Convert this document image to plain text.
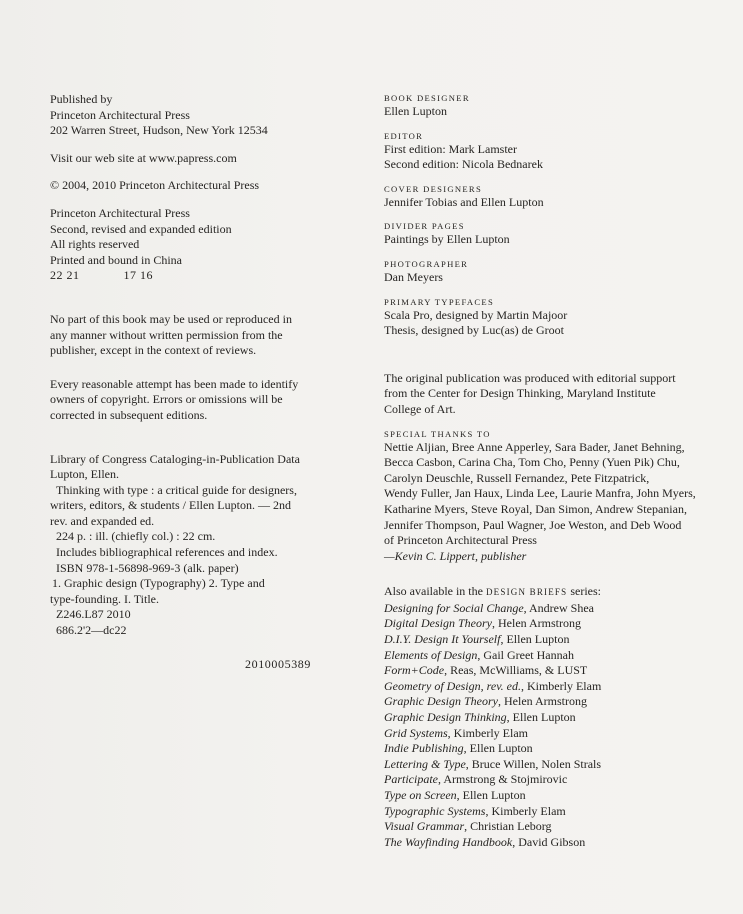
Published by
Princeton Architectural Press
202 Warren Street, Hudson, New York 12534
Visit our web site at www.papress.com
© 2004, 2010 Princeton Architectural Press
Princeton Architectural Press
Second, revised and expanded edition
All rights reserved
Printed and bound in China
22 21	17 16
No part of this book may be used or reproduced in
any manner without written permission from the
publisher, except in the context of reviews.
Every reasonable attempt has been made to identify
owners of copyright. Errors or omissions will be
corrected in subsequent editions.
Library of Congress Cataloging-in-Publication Data
Lupton, Ellen.
Thinking with type : a critical guide for designers,
writers, editors, & students / Ellen Lupton. — 2nd
rev. and expanded ed.
224 p. : ill. (chiefly col.) : 22 cm.
Includes bibliographical references and index.
ISBN 978-1-56898-969-3 (alk. paper)
1. Graphic design (Typography) 2. Type and
type-founding. I. Title.
Z246.L87 2010
686.2'2—dc22
2010005389
BOOK DESIGNER
Ellen Lupton
EDITOR
First edition: Mark Lamster
Second edition: Nicola Bednarek
COVER DESIGNERS
Jennifer Tobias and Ellen Lupton
DIVIDER PAGES
Paintings by Ellen Lupton
PHOTOGRAPHER
Dan Meyers
PRIMARY TYPEFACES
Scala Pro, designed by Martin Majoor
Thesis, designed by Luc(as) de Groot
The original publication was produced with editorial support
from the Center for Design Thinking, Maryland Institute
College of Art.
SPECIAL THANKS TO
Nettie Aljian, Bree Anne Apperley, Sara Bader, Janet Behning,
Becca Casbon, Carina Cha, Tom Cho, Penny (Yuen Pik) Chu,
Carolyn Deuschle, Russell Fernandez, Pete Fitzpatrick,
Wendy Fuller, Jan Haux, Linda Lee, Laurie Manfra, John Myers,
Katharine Myers, Steve Royal, Dan Simon, Andrew Stepanian,
Jennifer Thompson, Paul Wagner, Joe Weston, and Deb Wood
of Princeton Architectural Press
—Kevin C. Lippert, publisher
Also available in the DESIGN BRIEFS series:
Designing for Social Change, Andrew Shea
Digital Design Theory, Helen Armstrong
D.I.Y. Design It Yourself, Ellen Lupton
Elements of Design, Gail Greet Hannah
Form+Code, Reas, McWilliams, & LUST
Geometry of Design, rev. ed., Kimberly Elam
Graphic Design Theory, Helen Armstrong
Graphic Design Thinking, Ellen Lupton
Grid Systems, Kimberly Elam
Indie Publishing, Ellen Lupton
Lettering & Type, Bruce Willen, Nolen Strals
Participate, Armstrong & Stojmirovic
Type on Screen, Ellen Lupton
Typographic Systems, Kimberly Elam
Visual Grammar, Christian Leborg
The Wayfinding Handbook, David Gibson
